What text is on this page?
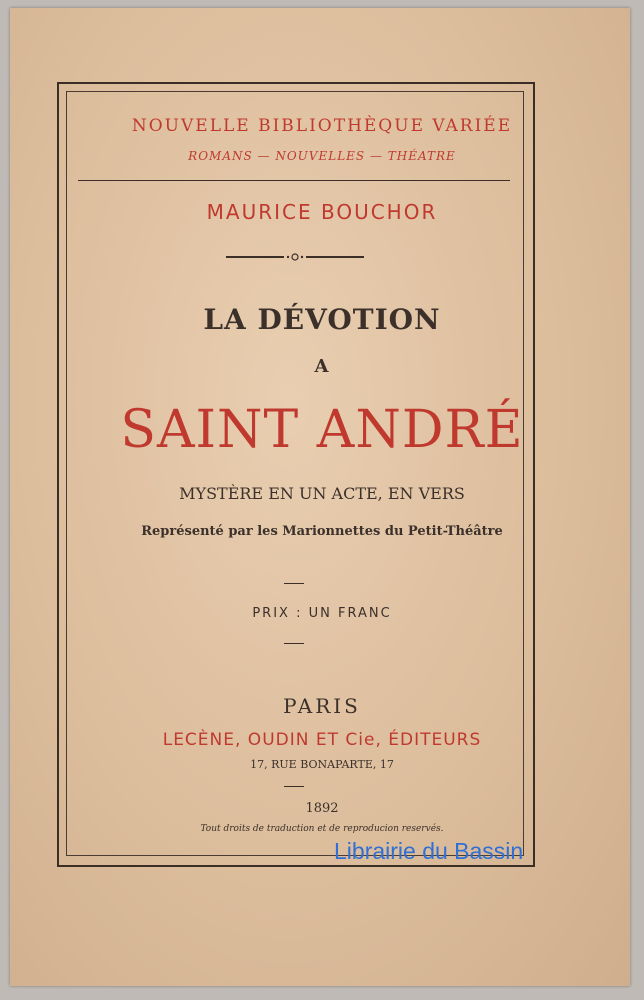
NOUVELLE BIBLIOTHÈQUE VARIÉE
ROMANS — NOUVELLES — THÉATRE
MAURICE BOUCHOR
LA DÉVOTION
A
SAINT ANDRÉ
MYSTÈRE EN UN ACTE, EN VERS
Représenté par les Marionnettes du Petit-Théâtre
PRIX : UN FRANC
PARIS
LECÈNE, OUDIN ET Cie, ÉDITEURS
17, RUE BONAPARTE, 17
1892
Tout droits de traduction et de reproducion reservés.
Librairie du Bassin
